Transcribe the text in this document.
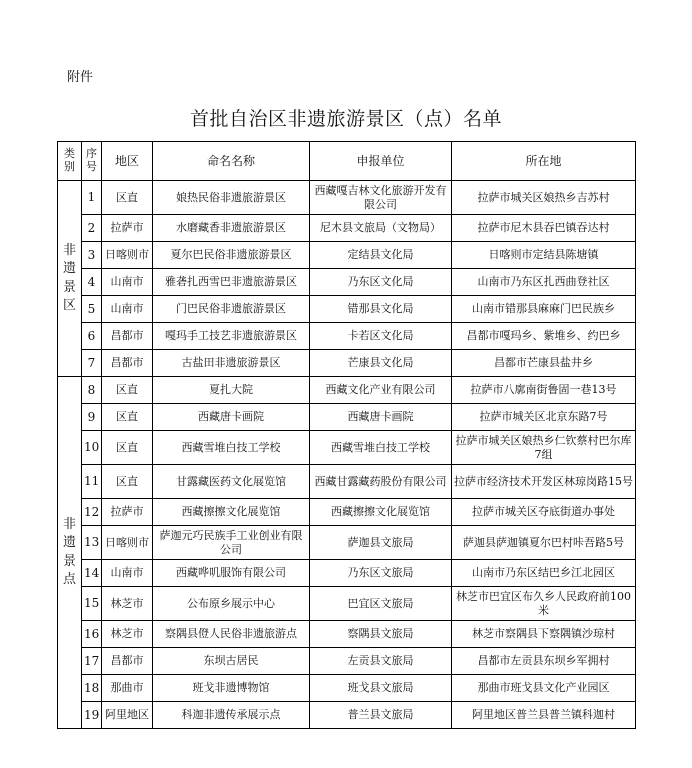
附件
首批自治区非遗旅游景区（点）名单
类别	序号	地区	命名名称	申报单位	所在地
非遗景区	1	区直	娘热民俗非遗旅游景区	西藏嘎吉林文化旅游开发有限公司	拉萨市城关区娘热乡吉苏村
	2	拉萨市	水磨藏香非遗旅游景区	尼木县文旅局（文物局）	拉萨市尼木县吞巴镇吞达村
	3	日喀则市	夏尔巴民俗非遗旅游景区	定结县文化局	日喀则市定结县陈塘镇
	4	山南市	雅砻扎西雪巴非遗旅游景区	乃东区文化局	山南市乃东区扎西曲登社区
	5	山南市	门巴民俗非遗旅游景区	错那县文化局	山南市错那县麻麻门巴民族乡
	6	昌都市	嘎玛手工技艺非遗旅游景区	卡若区文化局	昌都市嘎玛乡、紫堆乡、约巴乡
	7	昌都市	古盐田非遗旅游景区	芒康县文化局	昌都市芒康县盐井乡
非遗景点	8	区直	夏扎大院	西藏文化产业有限公司	拉萨市八廓南街鲁固一巷13号
	9	区直	西藏唐卡画院	西藏唐卡画院	拉萨市城关区北京东路7号
	10	区直	西藏雪堆白技工学校	西藏雪堆白技工学校	拉萨市城关区娘热乡仁钦蔡村巴尔库7组
	11	区直	甘露藏医药文化展览馆	西藏甘露藏药股份有限公司	拉萨市经济技术开发区林琼岗路15号
	12	拉萨市	西藏擦擦文化展览馆	西藏擦擦文化展览馆	拉萨市城关区夺底街道办事处
	13	日喀则市	萨迦元巧民族手工业创业有限公司	萨迦县文旅局	萨迦县萨迦镇夏尔巴村咔吾路5号
	14	山南市	西藏哗叽服饰有限公司	乃东区文旅局	山南市乃东区结巴乡江北园区
	15	林芝市	公布原乡展示中心	巴宜区文旅局	林芝市巴宜区布久乡人民政府前100米
	16	林芝市	察隅县僜人民俗非遗旅游点	察隅县文旅局	林芝市察隅县下察隅镇沙琼村
	17	昌都市	东坝古居民	左贡县文旅局	昌都市左贡县东坝乡军拥村
	18	那曲市	班戈非遗博物馆	班戈县文旅局	那曲市班戈县文化产业园区
	19	阿里地区	科迦非遗传承展示点	普兰县文旅局	阿里地区普兰县普兰镇科迦村
